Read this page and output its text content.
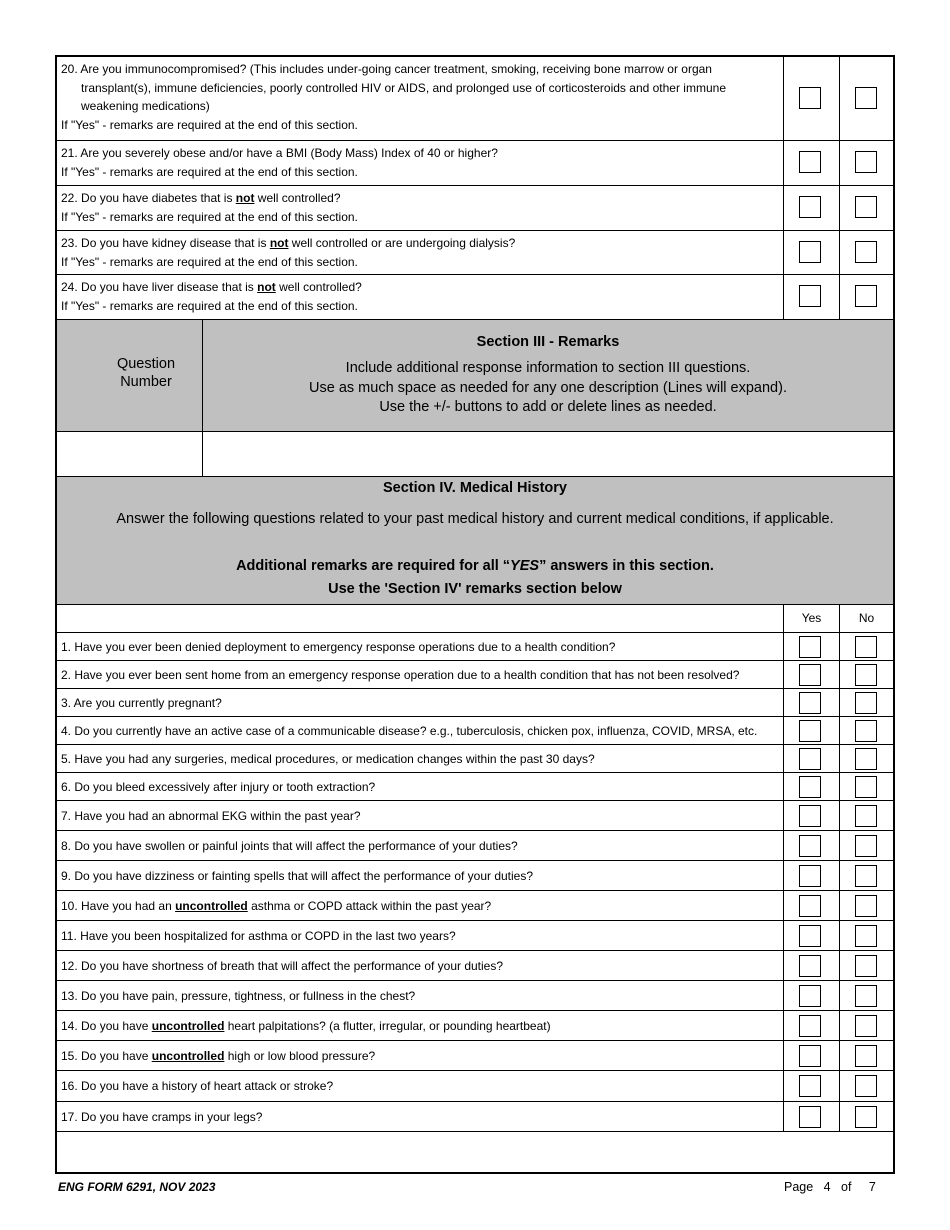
20. Are you immunocompromised? (This includes under-going cancer treatment, smoking, receiving bone marrow or organ

transplant(s), immune deficiencies, poorly controlled HIV or AIDS, and prolonged use of corticosteroids and other immune

weakening medications)

If "Yes" - remarks are required at the end of this section.

21. Are you severely obese and/or have a BMI (Body Mass) Index of 40 or higher?

If "Yes" - remarks are required at the end of this section.

22. Do you have diabetes that is not well controlled?

If "Yes" - remarks are required at the end of this section.

23. Do you have kidney disease that is not well controlled or are undergoing dialysis?

If "Yes" - remarks are required at the end of this section.

24. Do you have liver disease that is not well controlled?

If "Yes" - remarks are required at the end of this section.

Question
Number
Section III - Remarks
Include additional response information to section III questions.
Use as much space as needed for any one description (Lines will expand).
Use the +/- buttons to add or delete lines as needed.
Section IV. Medical History
Answer the following questions related to your past medical history and current medical conditions, if applicable.
Additional remarks are required for all “YES” answers in this section.
Use the 'Section IV' remarks section below
Yes	No
1. Have you ever been denied deployment to emergency response operations due to a health condition?
2. Have you ever been sent home from an emergency response operation due to a health condition that has not been resolved?
3. Are you currently pregnant?
4. Do you currently have an active case of a communicable disease? e.g., tuberculosis, chicken pox, influenza, COVID, MRSA, etc.
5. Have you had any surgeries, medical procedures, or medication changes within the past 30 days?
6. Do you bleed excessively after injury or tooth extraction?
7. Have you had an abnormal EKG within the past year?
8. Do you have swollen or painful joints that will affect the performance of your duties?
9. Do you have dizziness or fainting spells that will affect the performance of your duties?
10. Have you had an uncontrolled asthma or COPD attack within the past year?
11. Have you been hospitalized for asthma or COPD in the last two years?
12. Do you have shortness of breath that will affect the performance of your duties?
13. Do you have pain, pressure, tightness, or fullness in the chest?
14. Do you have uncontrolled heart palpitations? (a flutter, irregular, or pounding heartbeat)
15. Do you have uncontrolled high or low blood pressure?
16. Do you have a history of heart attack or stroke?
17. Do you have cramps in your legs?
ENG FORM 6291, NOV 2023	Page 4 of 7
